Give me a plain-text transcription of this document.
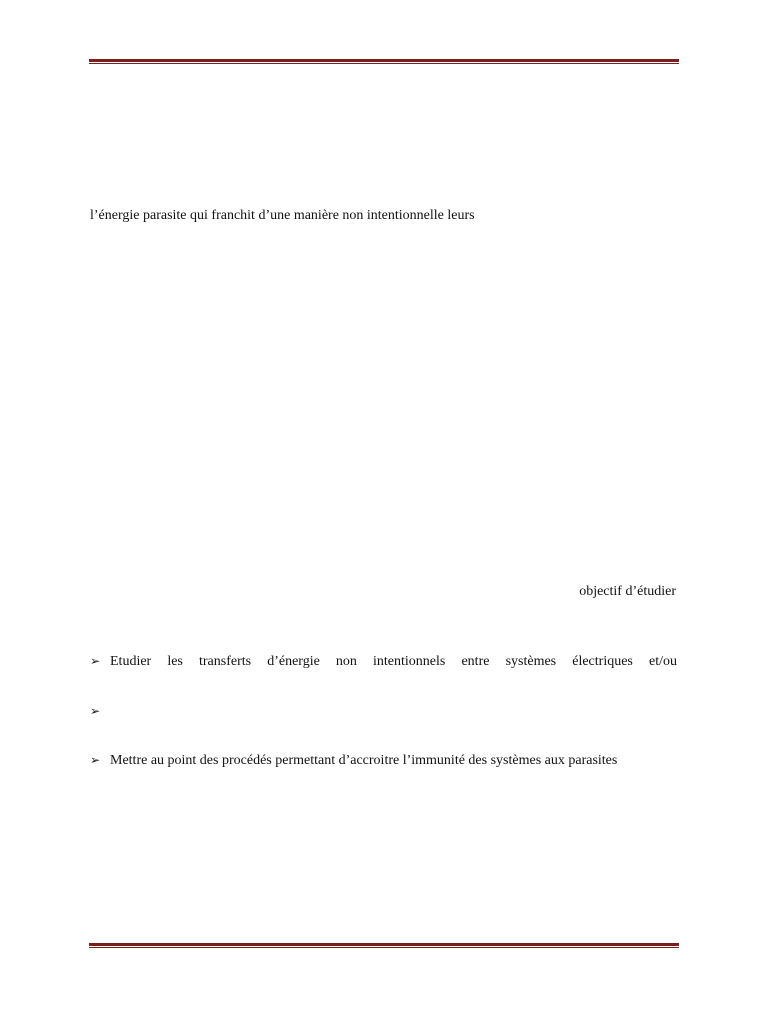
l’énergie parasite qui franchit d’une manière non intentionnelle leurs
objectif d’étudier
➢ Etudier les transferts d’énergie non intentionnels entre systèmes électriques et/ou
➢
➢ Mettre au point des procédés permettant d’accroitre l’immunité des systèmes aux parasites
